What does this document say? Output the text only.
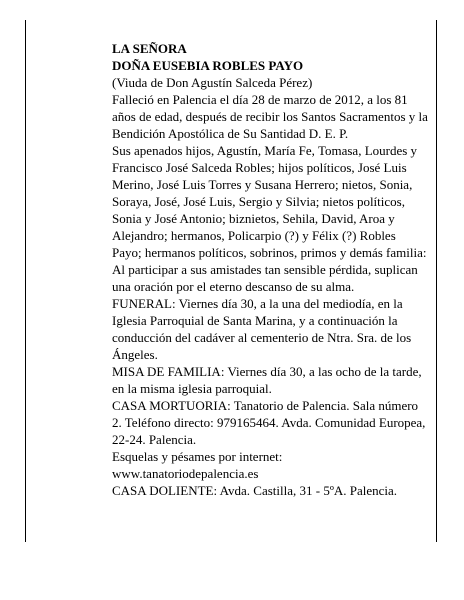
LA SEÑORA

DOÑA EUSEBIA ROBLES PAYO

(Viuda de Don Agustín Salceda Pérez)

Falleció en Palencia el día 28 de marzo de 2012, a los 81 años de edad, después de recibir los Santos Sacramentos y la Bendición Apostólica de Su Santidad D. E. P.

Sus apenados hijos, Agustín, María Fe, Tomasa, Lourdes y Francisco José Salceda Robles; hijos políticos, José Luis Merino, José Luis Torres y Susana Herrero; nietos, Sonia, Soraya, José, José Luis, Sergio y Silvia; nietos políticos, Sonia y José Antonio; biznietos, Sehila, David, Aroa y Alejandro; hermanos, Policarpio (?) y Félix (?) Robles Payo; hermanos políticos, sobrinos, primos y demás familia:

Al participar a sus amistades tan sensible pérdida, suplican una oración por el eterno descanso de su alma.

FUNERAL: Viernes día 30, a la una del mediodía, en la Iglesia Parroquial de Santa Marina, y a continuación la conducción del cadáver al cementerio de Ntra. Sra. de los Ángeles.

MISA DE FAMILIA: Viernes día 30, a las ocho de la tarde, en la misma iglesia parroquial.

CASA MORTUORIA: Tanatorio de Palencia. Sala número 2. Teléfono directo: 979165464. Avda. Comunidad Europea, 22-24. Palencia.

Esquelas y pésames por internet:

www.tanatoriodepalencia.es

CASA DOLIENTE: Avda. Castilla, 31 - 5ºA. Palencia.
